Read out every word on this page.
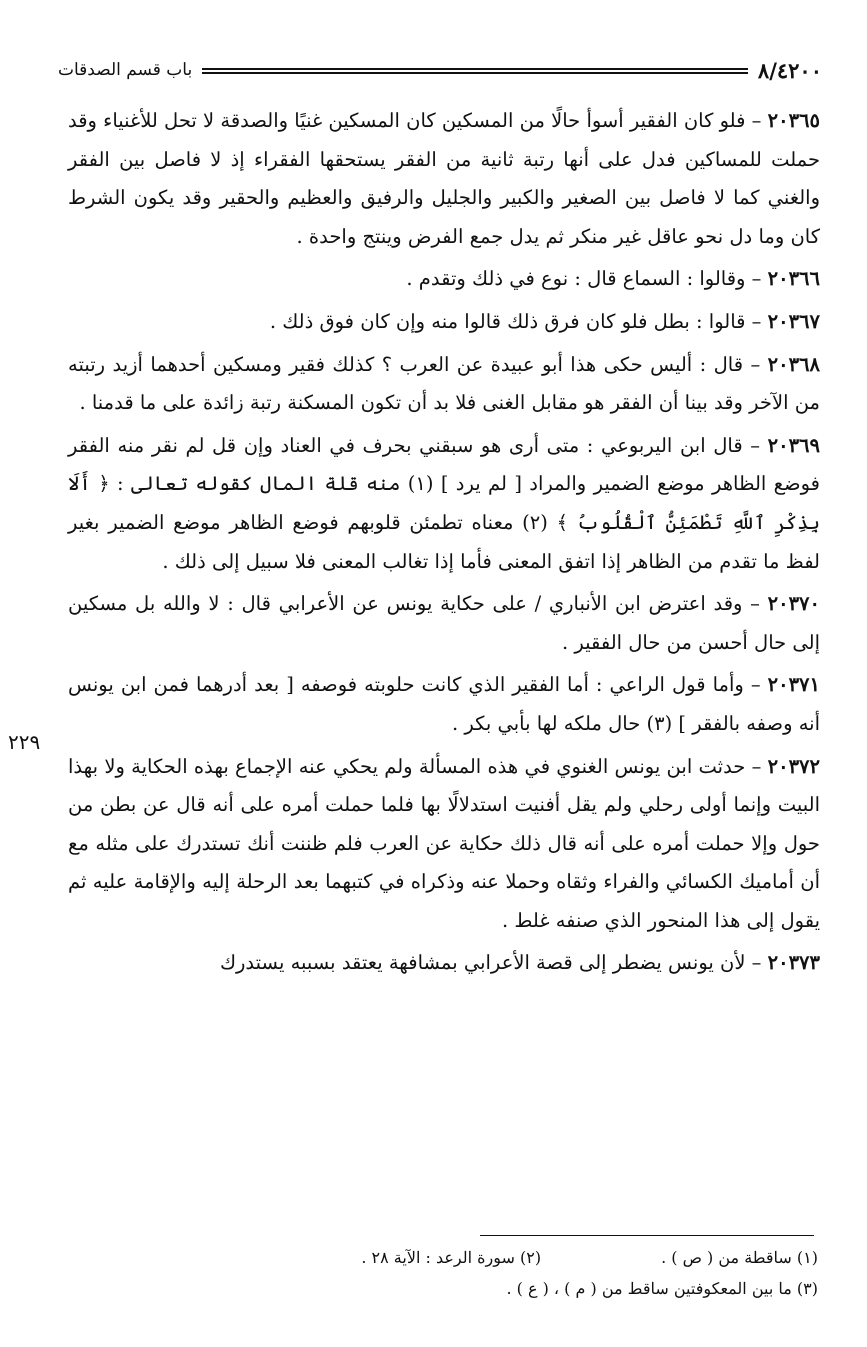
٨/٤٢٠٠
باب قسم الصدقات

٢٠٣٦٥ – فلو كان الفقير أسوأ حالًا من المسكين كان المسكين غنيًا والصدقة لا تحل للأغنياء وقد حملت للمساكين فدل على أنها رتبة ثانية من الفقر يستحقها الفقراء إذ لا فاصل بين الفقر والغني كما لا فاصل بين الصغير والكبير والجليل والرفيق والعظيم والحقير وقد يكون الشرط كان وما دل نحو عاقل غير منكر ثم يدل جمع الفرض وينتج واحدة .

٢٠٣٦٦ – وقالوا : السماع قال : نوع في ذلك وتقدم .

٢٠٣٦٧ – قالوا : بطل فلو كان فرق ذلك قالوا منه وإن كان فوق ذلك .

٢٠٣٦٨ – قال : أليس حكى هذا أبو عبيدة عن العرب ؟ كذلك فقير ومسكين أحدهما أزيد رتبته من الآخر وقد بينا أن الفقر هو مقابل الغنى فلا بد أن تكون المسكنة رتبة زائدة على ما قدمنا .

٢٠٣٦٩ – قال ابن اليربوعي : متى أرى هو سبقني بحرف في العناد وإن قل لم نقر منه الفقر فوضع الظاهر موضع الضمير والمراد [ لم يرد ] (١) منه قلة المال كقوله تعالى : ﴿ أَلَا بِذِكْرِ ٱللَّهِ تَطْمَئِنُّ ٱلْقُلُوبُ ﴾ (٢) معناه تطمئن قلوبهم فوضع الظاهر موضع الضمير بغير لفظ ما تقدم من الظاهر إذا اتفق المعنى فأما إذا تغالب المعنى فلا سبيل إلى ذلك .

٢٠٣٧٠ – وقد اعترض ابن الأنباري / على حكاية يونس عن الأعرابي قال : لا والله بل مسكين إلى حال أحسن من حال الفقير .

٢٠٣٧١ – وأما قول الراعي : أما الفقير الذي كانت حلوبته فوصفه [ بعد أدرهما فمن ابن يونس أنه وصفه بالفقر ] (٣) حال ملكه لها بأبي بكر .

٢٠٣٧٢ – حدثت ابن يونس الغنوي في هذه المسألة ولم يحكي عنه الإجماع بهذه الحكاية ولا بهذا البيت وإنما أولى رحلي ولم يقل أفنيت استدلالًا بها فلما حملت أمره على أنه قال عن بطن من حول وإلا حملت أمره على أنه قال ذلك حكاية عن العرب فلم ظننت أنك تستدرك على مثله مع أن أماميك الكسائي والفراء وثقاه وحملا عنه وذكراه في كتبهما بعد الرحلة إليه والإقامة عليه ثم يقول إلى هذا المنحور الذي صنفه غلط .

٢٠٣٧٣ – لأن يونس يضطر إلى قصة الأعرابي بمشافهة يعتقد بسببه يستدرك

٢٢٩
(١) ساقطة من ( ص ) .
(٢) سورة الرعد : الآية ٢٨ .
(٣) ما بين المعكوفتين ساقط من ( م ) ، ( ع ) .
